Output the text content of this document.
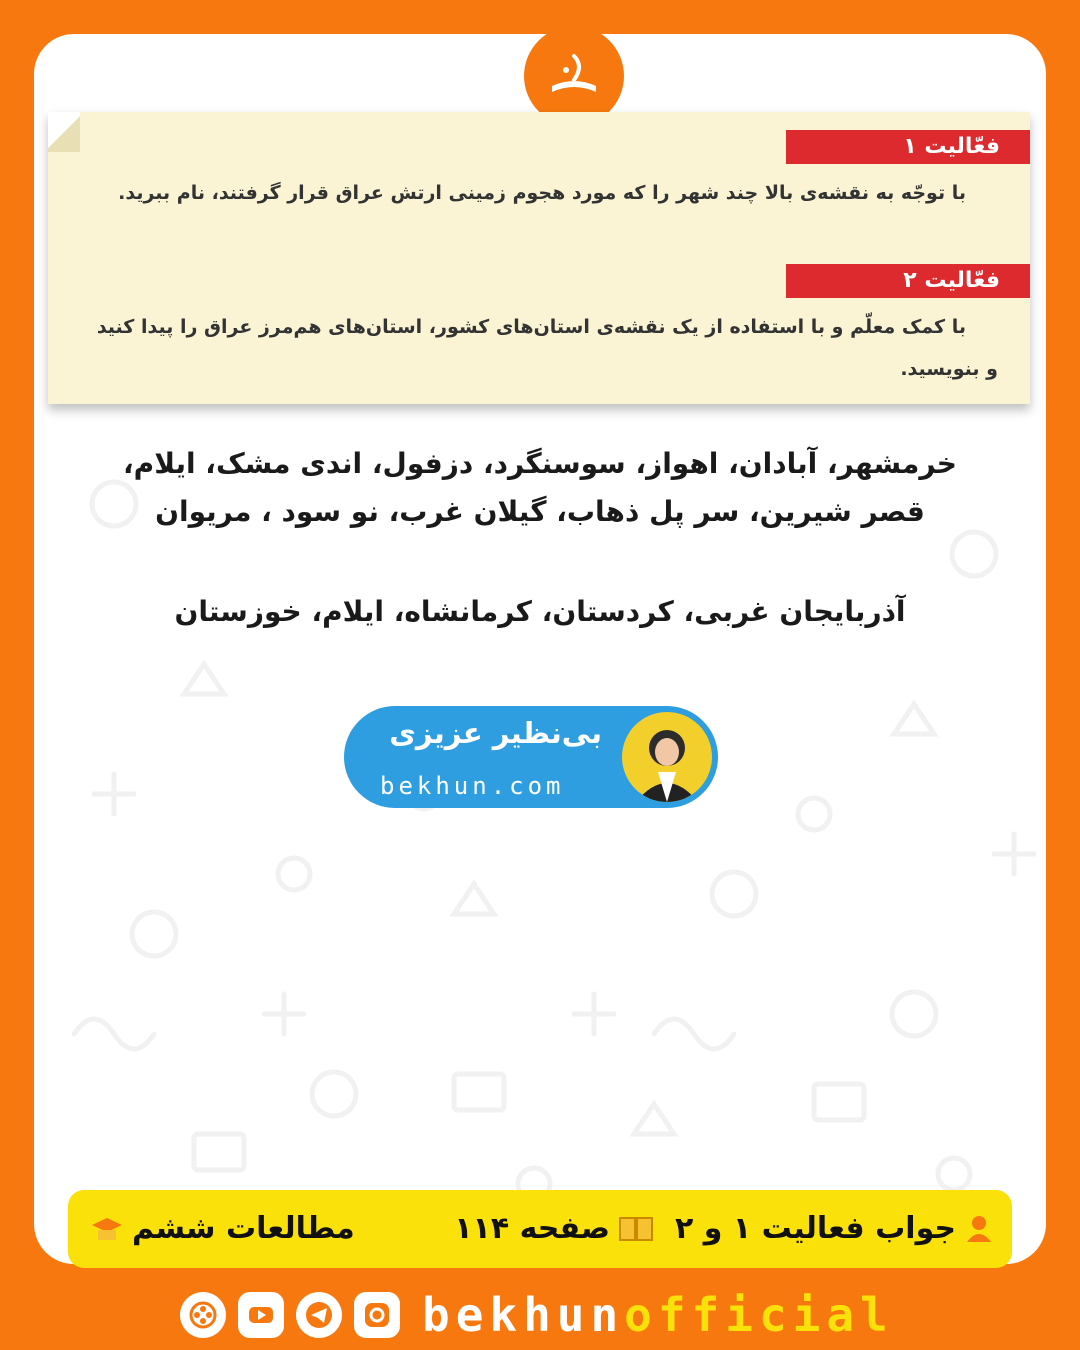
فعّالیت ۱
با توجّه به نقشه‌ی بالا چند شهر را که مورد هجوم زمینی ارتش عراق قرار گرفتند، نام ببرید.
فعّالیت ۲
با کمک معلّم و با استفاده از یک نقشه‌ی استان‌های کشور، استان‌های هم‌مرز عراق را پیدا کنید
و بنویسید.
خرمشهر، آبادان، اهواز، سوسنگرد، دزفول، اندی مشک، ایلام،
قصر شیرین، سر پل ذهاب، گیلان غرب، نو سود ، مریوان
آذربایجان غربی، کردستان، کرمانشاه، ایلام، خوزستان
بی‌نظیر عزیزی
bekhun.com
جواب فعالیت ۱ و ۲
صفحه ۱۱۴
مطالعات ششم
bekhunofficial
